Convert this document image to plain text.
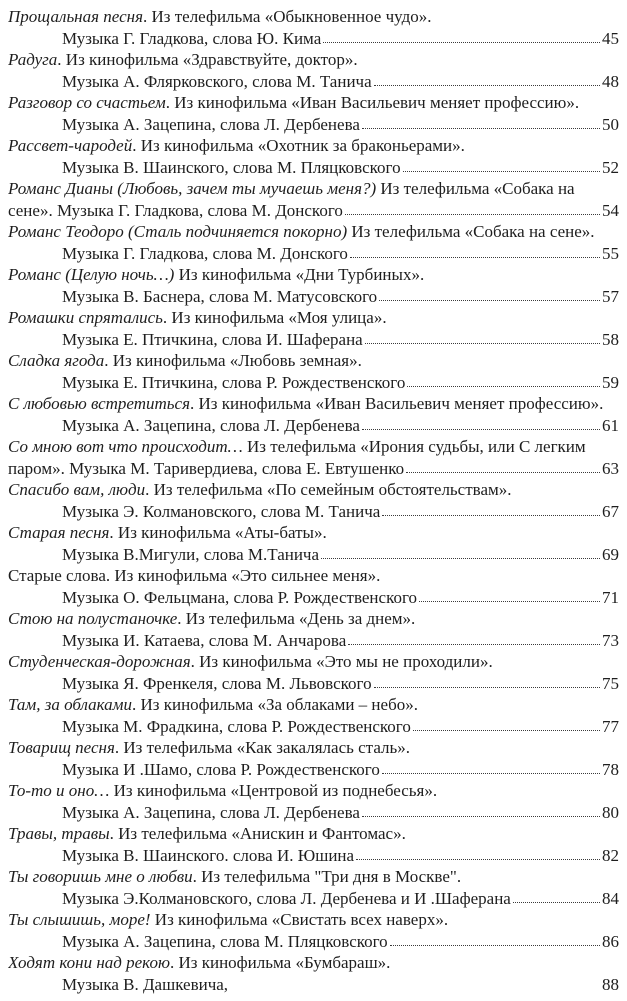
Прощальная песня. Из телефильма «Обыкновенное чудо».
Музыка Г. Гладкова, слова Ю. Кима	45
Радуга. Из кинофильма «Здравствуйте, доктор».
Музыка А. Флярковского, слова М. Танича	48
Разговор со счастьем. Из кинофильма «Иван Васильевич меняет профессию».
Музыка А. Зацепина, слова Л. Дербенева	50
Рассвет-чародей. Из кинофильма «Охотник за браконьерами».
Музыка В. Шаинского, слова М. Пляцковского	52
Романс Дианы (Любовь, зачем ты мучаешь меня?) Из телефильма «Собака на
сене». Музыка Г. Гладкова, слова М. Донского	54
Романс Теодоро (Сталь подчиняется покорно) Из телефильма «Собака на сене».
Музыка Г. Гладкова, слова М. Донского	55
Романс (Целую ночь…) Из кинофильма «Дни Турбиных».
Музыка В. Баснера, слова М. Матусовского	57
Ромашки спрятались. Из кинофильма «Моя улица».
Музыка Е. Птичкина, слова И. Шаферана	58
Сладка ягода. Из кинофильма «Любовь земная».
Музыка Е. Птичкина, слова Р. Рождественского	59
С любовью встретиться. Из кинофильма «Иван Васильевич меняет профессию».
Музыка А. Зацепина, слова Л. Дербенева	61
Со мною вот что происходит… Из телефильма «Ирония судьбы, или С легким
паром». Музыка М. Таривердиева, слова Е. Евтушенко	63
Спасибо вам, люди. Из телефильма «По семейным обстоятельствам».
Музыка Э. Колмановского, слова М. Танича	67
Старая песня. Из кинофильма «Аты-баты».
Музыка В.Мигули, слова М.Танича	69
Старые слова. Из кинофильма «Это сильнее меня».
Музыка О. Фельцмана, слова Р. Рождественского	71
Стою на полустаночке. Из телефильма «День за днем».
Музыка И. Катаева, слова М. Анчарова	73
Студенческая-дорожная. Из кинофильма «Это мы не проходили».
Музыка Я. Френкеля, слова М. Львовского	75
Там, за облаками. Из кинофильма «За облаками – небо».
Музыка М. Фрадкина, слова Р. Рождественского	77
Товарищ песня. Из телефильма «Как закалялась сталь».
Музыка И .Шамо, слова Р. Рождественского	78
То-то и оно… Из кинофильма «Центровой из поднебесья».
Музыка А. Зацепина, слова Л. Дербенева	80
Травы, травы. Из телефильма «Анискин и Фантомас».
Музыка В. Шаинского. слова И. Юшина	82
Ты говоришь мне о любви. Из телефильма "Три дня в Москве".
Музыка Э.Колмановского, слова Л. Дербенева и И .Шаферана	84
Ты слышишь, море! Из кинофильма «Свистать всех наверх».
Музыка А. Зацепина, слова М. Пляцковского	86
Ходят кони над рекою. Из кинофильма «Бумбараш».
Музыка В. Дашкевича,	88
